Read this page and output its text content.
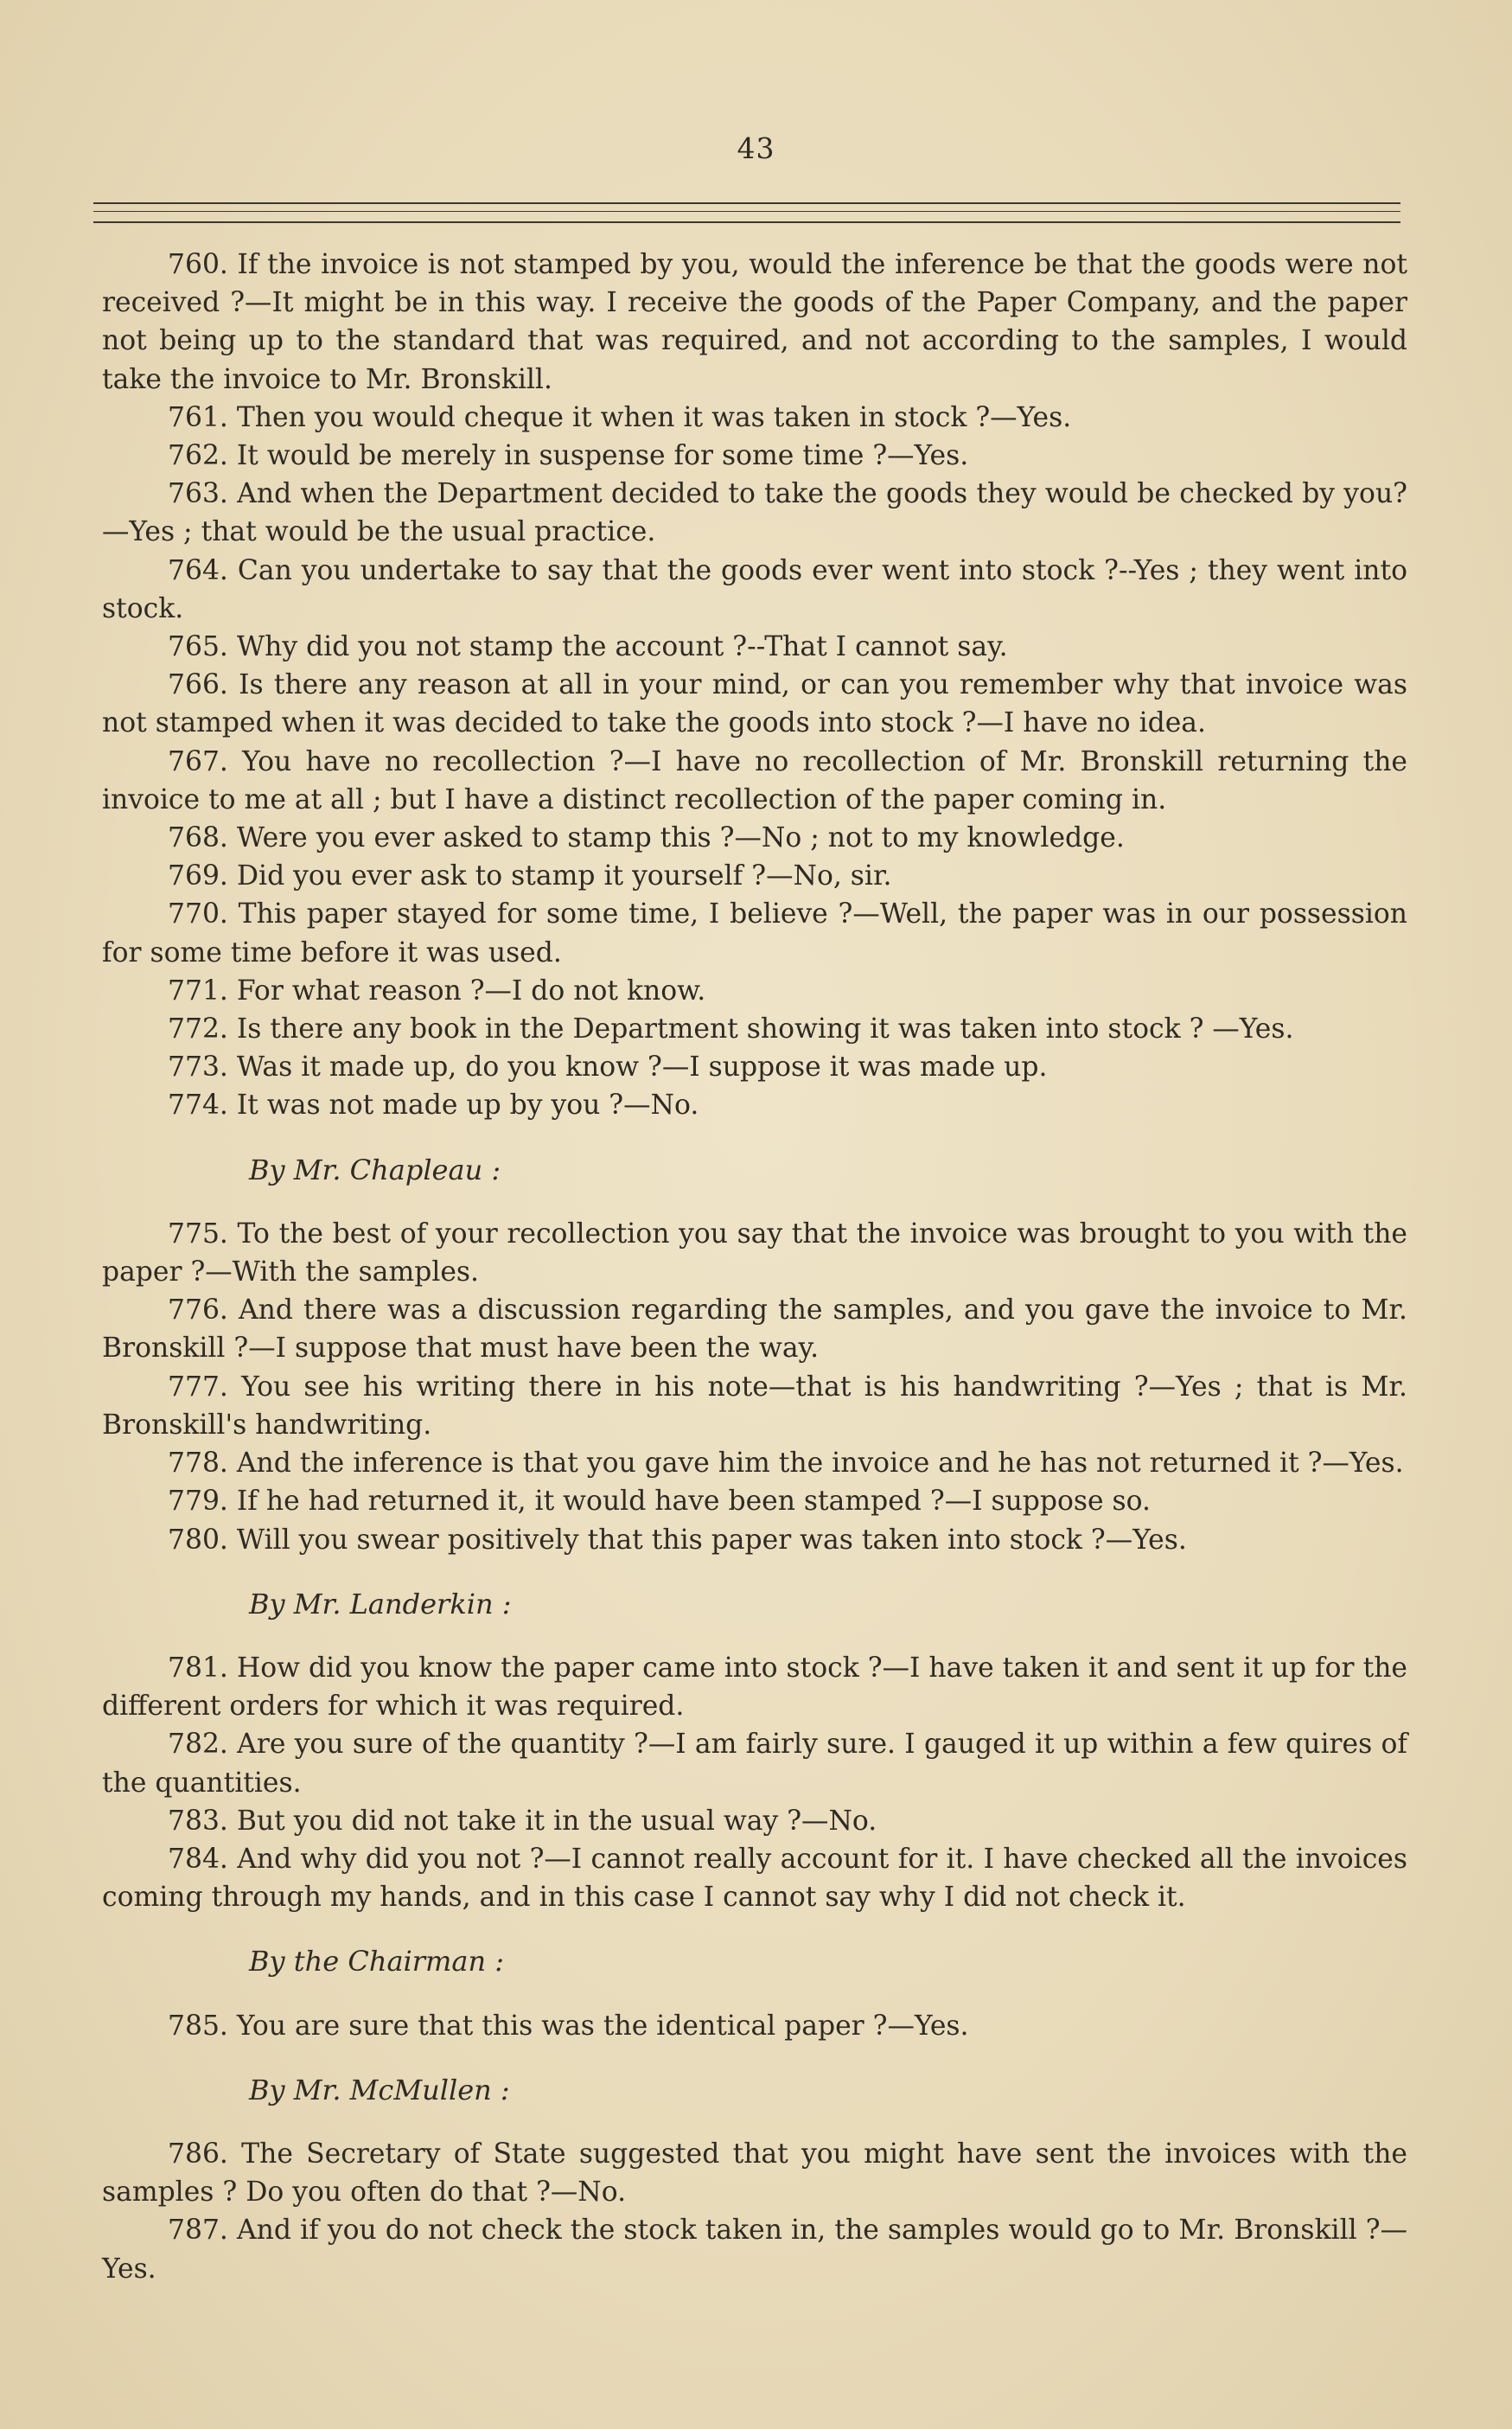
43

760. If the invoice is not stamped by you, would the inference be that the goods were not received ?—It might be in this way. I receive the goods of the Paper Company, and the paper not being up to the standard that was required, and not according to the samples, I would take the invoice to Mr. Bronskill.

761. Then you would cheque it when it was taken in stock ?—Yes.

762. It would be merely in suspense for some time ?—Yes.

763. And when the Department decided to take the goods they would be checked by you?—Yes ; that would be the usual practice.

764. Can you undertake to say that the goods ever went into stock ?--Yes ; they went into stock.

765. Why did you not stamp the account ?--That I cannot say.

766. Is there any reason at all in your mind, or can you remember why that invoice was not stamped when it was decided to take the goods into stock ?—I have no idea.

767. You have no recollection ?—I have no recollection of Mr. Bronskill returning the invoice to me at all ; but I have a distinct recollection of the paper coming in.

768. Were you ever asked to stamp this ?—No ; not to my knowledge.

769. Did you ever ask to stamp it yourself ?—No, sir.

770. This paper stayed for some time, I believe ?—Well, the paper was in our possession for some time before it was used.

771. For what reason ?—I do not know.

772. Is there any book in the Department showing it was taken into stock ? —Yes.

773. Was it made up, do you know ?—I suppose it was made up.

774. It was not made up by you ?—No.

By Mr. Chapleau :

775. To the best of your recollection you say that the invoice was brought to you with the paper ?—With the samples.

776. And there was a discussion regarding the samples, and you gave the invoice to Mr. Bronskill ?—I suppose that must have been the way.

777. You see his writing there in his note—that is his handwriting ?—Yes ; that is Mr. Bronskill's handwriting.

778. And the inference is that you gave him the invoice and he has not returned it ?—Yes.

779. If he had returned it, it would have been stamped ?—I suppose so.

780. Will you swear positively that this paper was taken into stock ?—Yes.

By Mr. Landerkin :

781. How did you know the paper came into stock ?—I have taken it and sent it up for the different orders for which it was required.

782. Are you sure of the quantity ?—I am fairly sure. I gauged it up within a few quires of the quantities.

783. But you did not take it in the usual way ?—No.

784. And why did you not ?—I cannot really account for it. I have checked all the invoices coming through my hands, and in this case I cannot say why I did not check it.

By the Chairman :

785. You are sure that this was the identical paper ?—Yes.

By Mr. McMullen :

786. The Secretary of State suggested that you might have sent the invoices with the samples ? Do you often do that ?—No.

787. And if you do not check the stock taken in, the samples would go to Mr. Bronskill ?—Yes.
